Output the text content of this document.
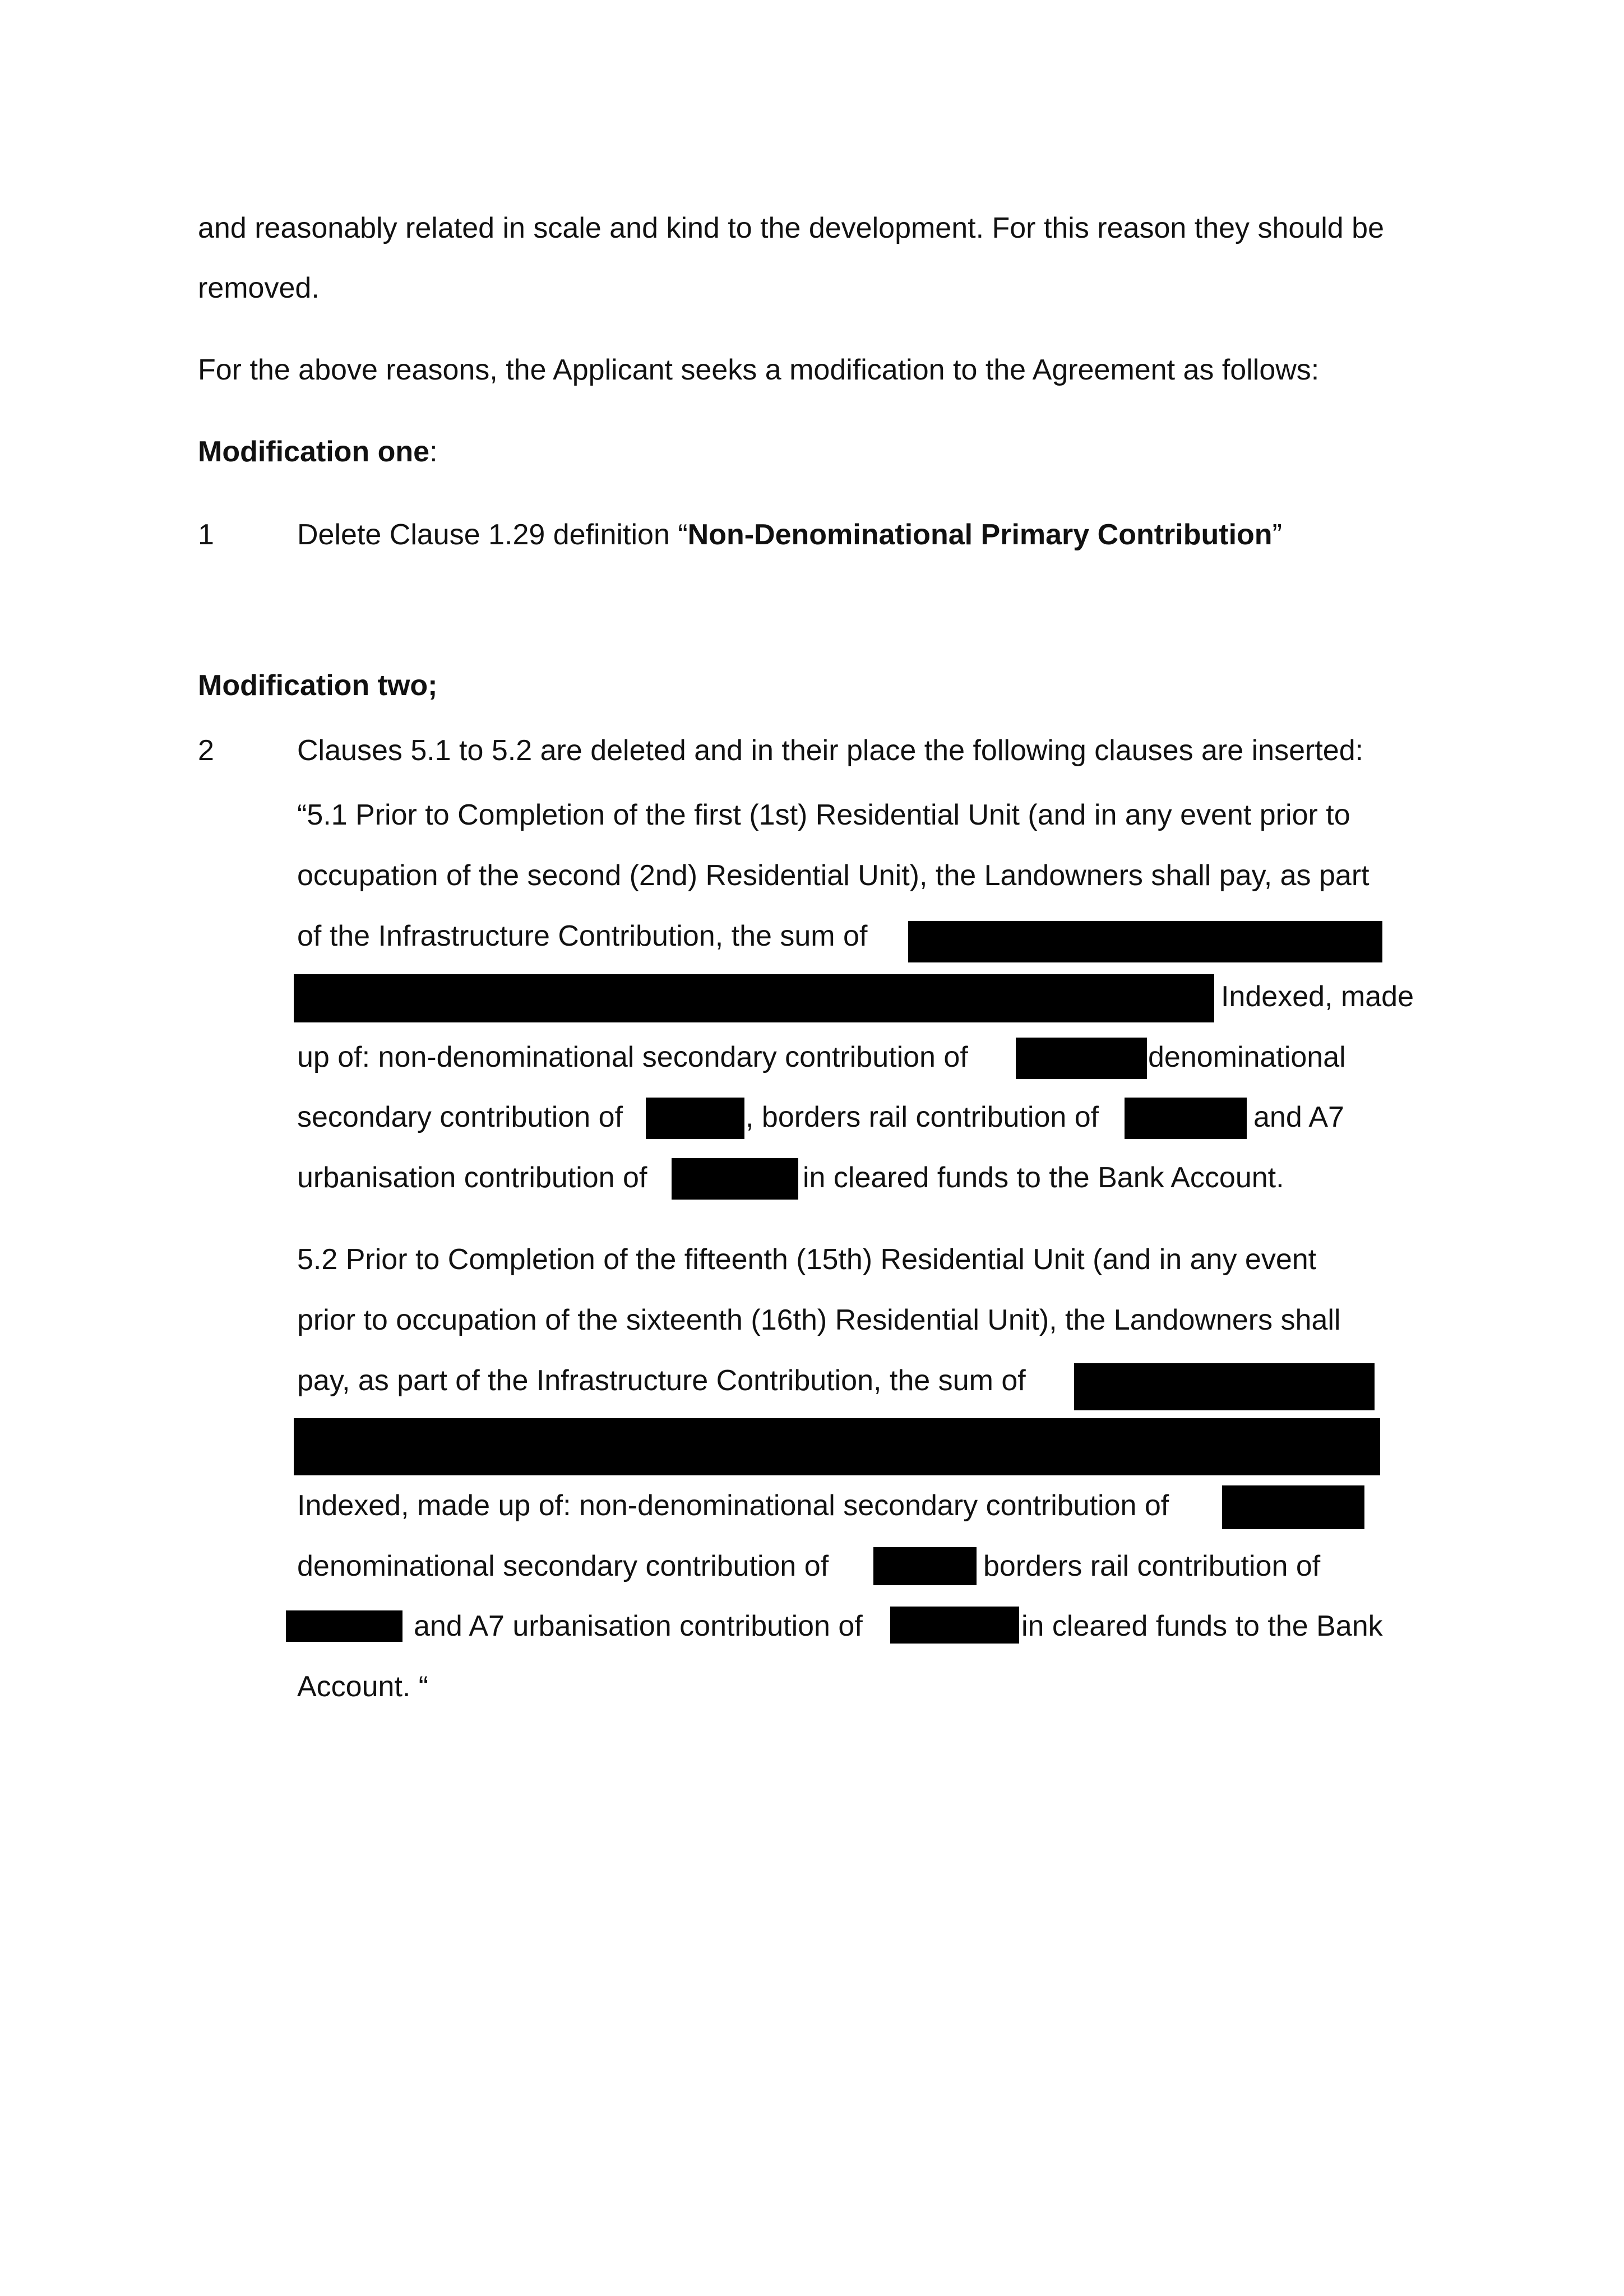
and reasonably related in scale and kind to the development. For this reason they should be
removed.
For the above reasons, the Applicant seeks a modification to the Agreement as follows:
Modification one:
1	Delete Clause 1.29 definition “Non-Denominational Primary Contribution”
Modification two;
2	Clauses 5.1 to 5.2 are deleted and in their place the following clauses are inserted:
“5.1 Prior to Completion of the first (1st) Residential Unit (and in any event prior to
occupation of the second (2nd) Residential Unit), the Landowners shall pay, as part
of the Infrastructure Contribution, the sum of
Indexed, made
up of: non-denominational secondary contribution of	denominational
secondary contribution of	, borders rail contribution of	and A7
urbanisation contribution of	in cleared funds to the Bank Account.
5.2 Prior to Completion of the fifteenth (15th) Residential Unit (and in any event
prior to occupation of the sixteenth (16th) Residential Unit), the Landowners shall
pay, as part of the Infrastructure Contribution, the sum of
Indexed, made up of: non-denominational secondary contribution of
denominational secondary contribution of	borders rail contribution of
and A7 urbanisation contribution of	in cleared funds to the Bank
Account. “
